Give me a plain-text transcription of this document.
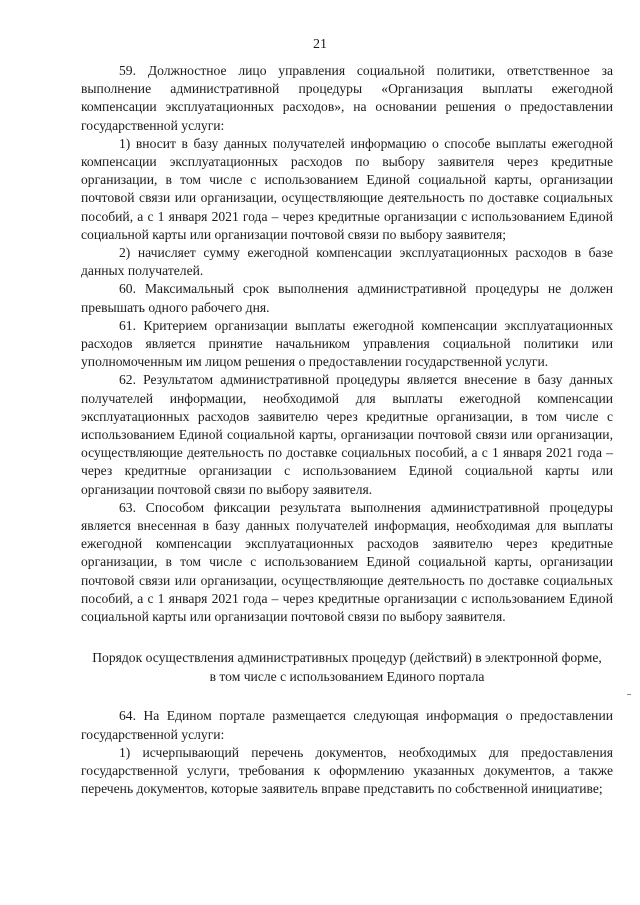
21

59. Должностное лицо управления социальной политики, ответственное за выполнение административной процедуры «Организация выплаты ежегодной компенсации эксплуатационных расходов», на основании решения о предоставлении государственной услуги:

1) вносит в базу данных получателей информацию о способе выплаты ежегодной компенсации эксплуатационных расходов по выбору заявителя через кредитные организации, в том числе с использованием Единой социальной карты, организации почтовой связи или организации, осуществляющие деятельность по доставке социальных пособий, а с 1 января 2021 года – через кредитные организации с использованием Единой социальной карты или организации почтовой связи по выбору заявителя;

2) начисляет сумму ежегодной компенсации эксплуатационных расходов в базе данных получателей.

60. Максимальный срок выполнения административной процедуры не должен превышать одного рабочего дня.

61. Критерием организации выплаты ежегодной компенсации эксплуатационных расходов является принятие начальником управления социальной политики или уполномоченным им лицом решения о предоставлении государственной услуги.

62. Результатом административной процедуры является внесение в базу данных получателей информации, необходимой для выплаты ежегодной компенсации эксплуатационных расходов заявителю через кредитные организации, в том числе с использованием Единой социальной карты, организации почтовой связи или организации, осуществляющие деятельность по доставке социальных пособий, а с 1 января 2021 года – через кредитные организации с использованием Единой социальной карты или организации почтовой связи по выбору заявителя.

63. Способом фиксации результата выполнения административной процедуры является внесенная в базу данных получателей информация, необходимая для выплаты ежегодной компенсации эксплуатационных расходов заявителю через кредитные организации, в том числе с использованием Единой социальной карты, организации почтовой связи или организации, осуществляющие деятельность по доставке социальных пособий, а с 1 января 2021 года – через кредитные организации с использованием Единой социальной карты или организации почтовой связи по выбору заявителя.

Порядок осуществления административных процедур (действий) в электронной форме, в том числе с использованием Единого портала

64. На Едином портале размещается следующая информация о предоставлении государственной услуги:

1) исчерпывающий перечень документов, необходимых для предоставления государственной услуги, требования к оформлению указанных документов, а также перечень документов, которые заявитель вправе представить по собственной инициативе;
